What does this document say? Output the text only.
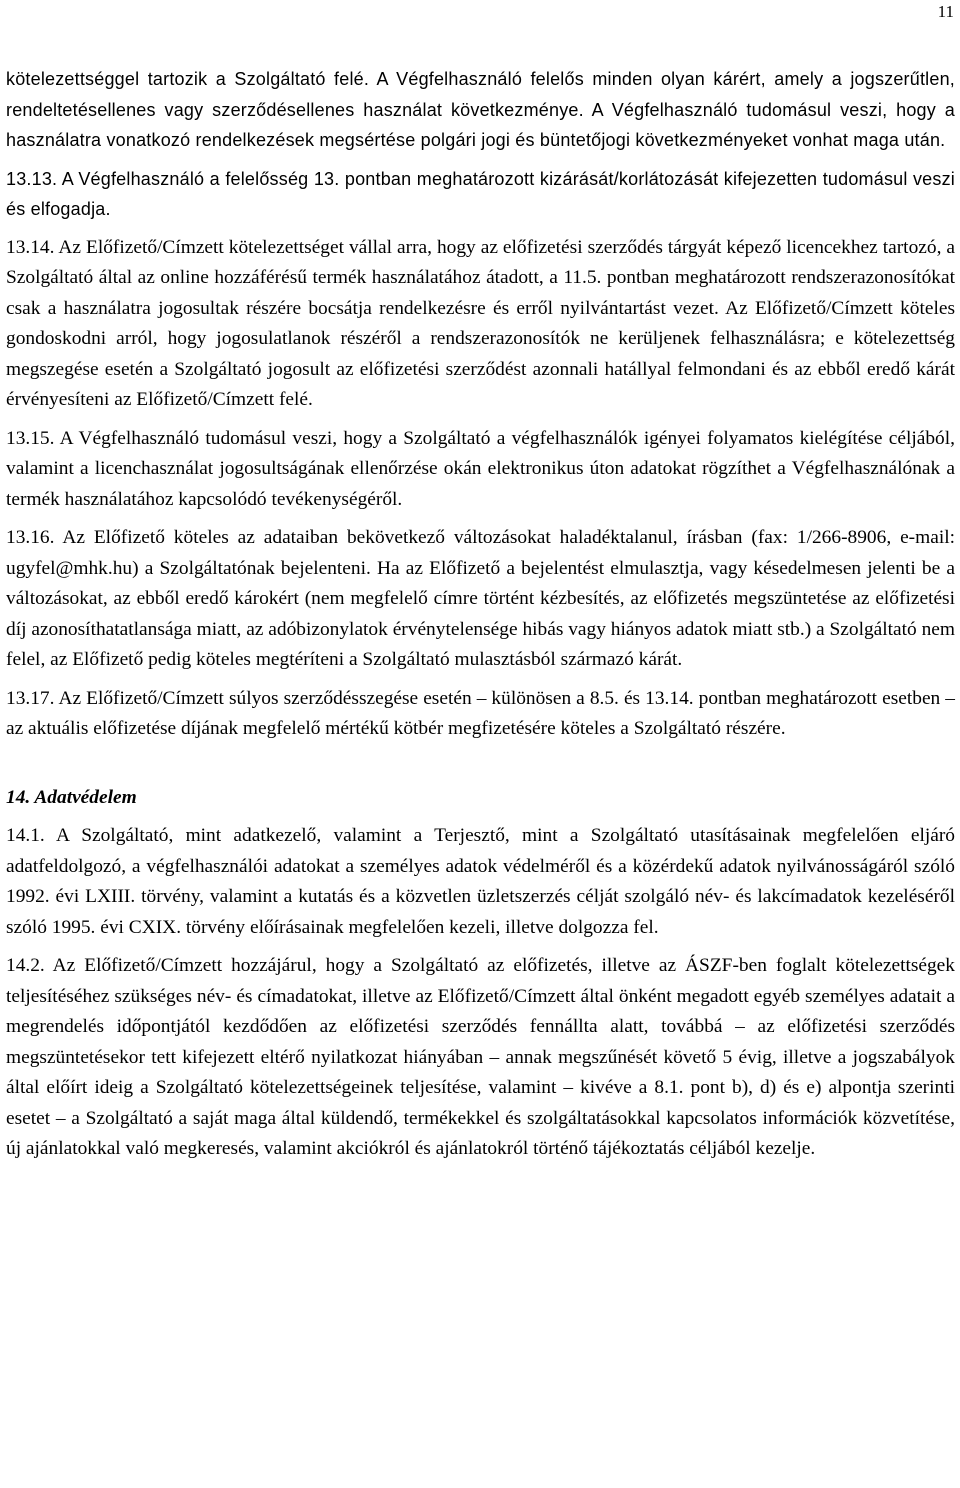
11

kötelezettséggel tartozik a Szolgáltató felé. A Végfelhasználó felelős minden olyan kárért, amely a jogszerűtlen, rendeltetésellenes vagy szerződésellenes használat következménye. A Végfelhasználó tudomásul veszi, hogy a használatra vonatkozó rendelkezések megsértése polgári jogi és büntetőjogi következményeket vonhat maga után.

13.13. A Végfelhasználó a felelősség 13. pontban meghatározott kizárását/korlátozását kifejezetten tudomásul veszi és elfogadja.

13.14. Az Előfizető/Címzett kötelezettséget vállal arra, hogy az előfizetési szerződés tárgyát képező licencekhez tartozó, a Szolgáltató által az online hozzáférésű termék használatához átadott, a 11.5. pontban meghatározott rendszerazonosítókat csak a használatra jogosultak részére bocsátja rendelkezésre és erről nyilvántartást vezet. Az Előfizető/Címzett köteles gondoskodni arról, hogy jogosulatlanok részéről a rendszerazonosítók ne kerüljenek felhasználásra; e kötelezettség megszegése esetén a Szolgáltató jogosult az előfizetési szerződést azonnali hatállyal felmondani és az ebből eredő kárát érvényesíteni az Előfizető/Címzett felé.

13.15. A Végfelhasználó tudomásul veszi, hogy a Szolgáltató a végfelhasználók igényei folyamatos kielégítése céljából, valamint a licenchasználat jogosultságának ellenőrzése okán elektronikus úton adatokat rögzíthet a Végfelhasználónak a termék használatához kapcsolódó tevékenységéről.

13.16. Az Előfizető köteles az adataiban bekövetkező változásokat haladéktalanul, írásban (fax: 1/266-8906, e-mail: ugyfel@mhk.hu) a Szolgáltatónak bejelenteni. Ha az Előfizető a bejelentést elmulasztja, vagy késedelmesen jelenti be a változásokat, az ebből eredő károkért (nem megfelelő címre történt kézbesítés, az előfizetés megszüntetése az előfizetési díj azonosíthatatlansága miatt, az adóbizonylatok érvénytelensége hibás vagy hiányos adatok miatt stb.) a Szolgáltató nem felel, az Előfizető pedig köteles megtéríteni a Szolgáltató mulasztásból származó kárát.

13.17. Az Előfizető/Címzett súlyos szerződésszegése esetén – különösen a 8.5. és 13.14. pontban meghatározott esetben – az aktuális előfizetése díjának megfelelő mértékű kötbér megfizetésére köteles a Szolgáltató részére.

14. Adatvédelem

14.1. A Szolgáltató, mint adatkezelő, valamint a Terjesztő, mint a Szolgáltató utasításainak megfelelően eljáró adatfeldolgozó, a végfelhasználói adatokat a személyes adatok védelméről és a közérdekű adatok nyilvánosságáról szóló 1992. évi LXIII. törvény, valamint a kutatás és a közvetlen üzletszerzés célját szolgáló név- és lakcímadatok kezeléséről szóló 1995. évi CXIX. törvény előírásainak megfelelően kezeli, illetve dolgozza fel.

14.2. Az Előfizető/Címzett hozzájárul, hogy a Szolgáltató az előfizetés, illetve az ÁSZF-ben foglalt kötelezettségek teljesítéséhez szükséges név- és címadatokat, illetve az Előfizető/Címzett által önként megadott egyéb személyes adatait a megrendelés időpontjától kezdődően az előfizetési szerződés fennállta alatt, továbbá – az előfizetési szerződés megszüntetésekor tett kifejezett eltérő nyilatkozat hiányában – annak megszűnését követő 5 évig, illetve a jogszabályok által előírt ideig a Szolgáltató kötelezettségeinek teljesítése, valamint – kivéve a 8.1. pont b), d) és e) alpontja szerinti esetet – a Szolgáltató a saját maga által küldendő, termékekkel és szolgáltatásokkal kapcsolatos információk közvetítése, új ajánlatokkal való megkeresés, valamint akciókról és ajánlatokról történő tájékoztatás céljából kezelje.
